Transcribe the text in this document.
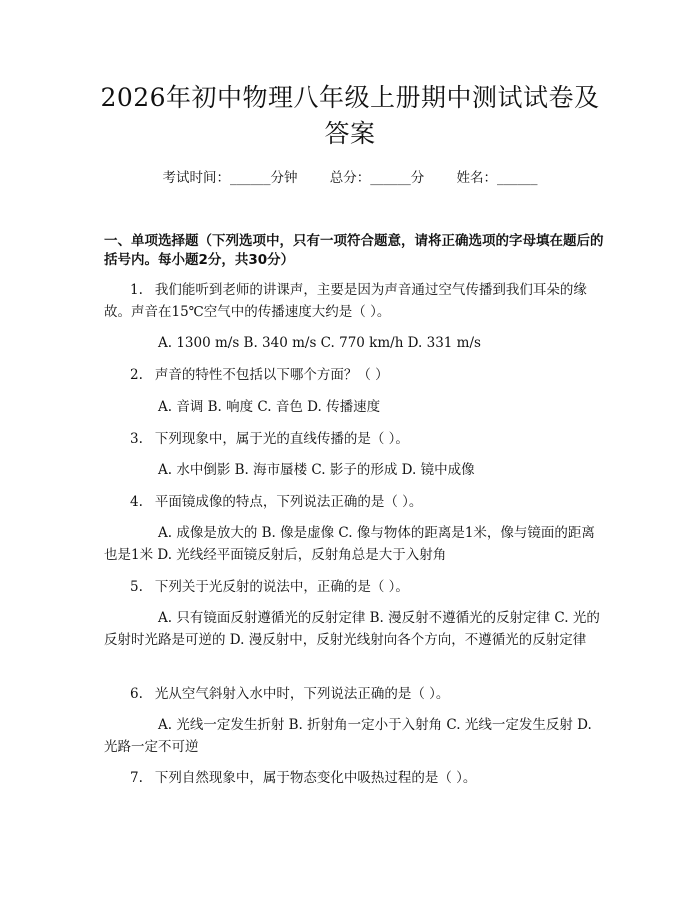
2026年初中物理八年级上册期中测试试卷及答案
考试时间：______分钟 总分：______分 姓名：______

一、单项选择题（下列选项中，只有一项符合题意，请将正确选项的字母填在题后的括号内。每小题2分，共30分）

1. 我们能听到老师的讲课声，主要是因为声音通过空气传播到我们耳朵的缘故。声音在15℃空气中的传播速度大约是（ ）。

A. 1300 m/s B. 340 m/s C. 770 km/h D. 331 m/s

2. 声音的特性不包括以下哪个方面？（ ）

A. 音调 B. 响度 C. 音色 D. 传播速度

3. 下列现象中，属于光的直线传播的是（ ）。

A. 水中倒影 B. 海市蜃楼 C. 影子的形成 D. 镜中成像

4. 平面镜成像的特点，下列说法正确的是（ ）。

A. 成像是放大的 B. 像是虚像 C. 像与物体的距离是1米，像与镜面的距离也是1米 D. 光线经平面镜反射后，反射角总是大于入射角

5. 下列关于光反射的说法中，正确的是（ ）。

A. 只有镜面反射遵循光的反射定律 B. 漫反射不遵循光的反射定律 C. 光的反射时光路是可逆的 D. 漫反射中，反射光线射向各个方向，不遵循光的反射定律

6. 光从空气斜射入水中时，下列说法正确的是（ ）。

A. 光线一定发生折射 B. 折射角一定小于入射角 C. 光线一定发生反射 D. 光路一定不可逆

7. 下列自然现象中，属于物态变化中吸热过程的是（ ）。
